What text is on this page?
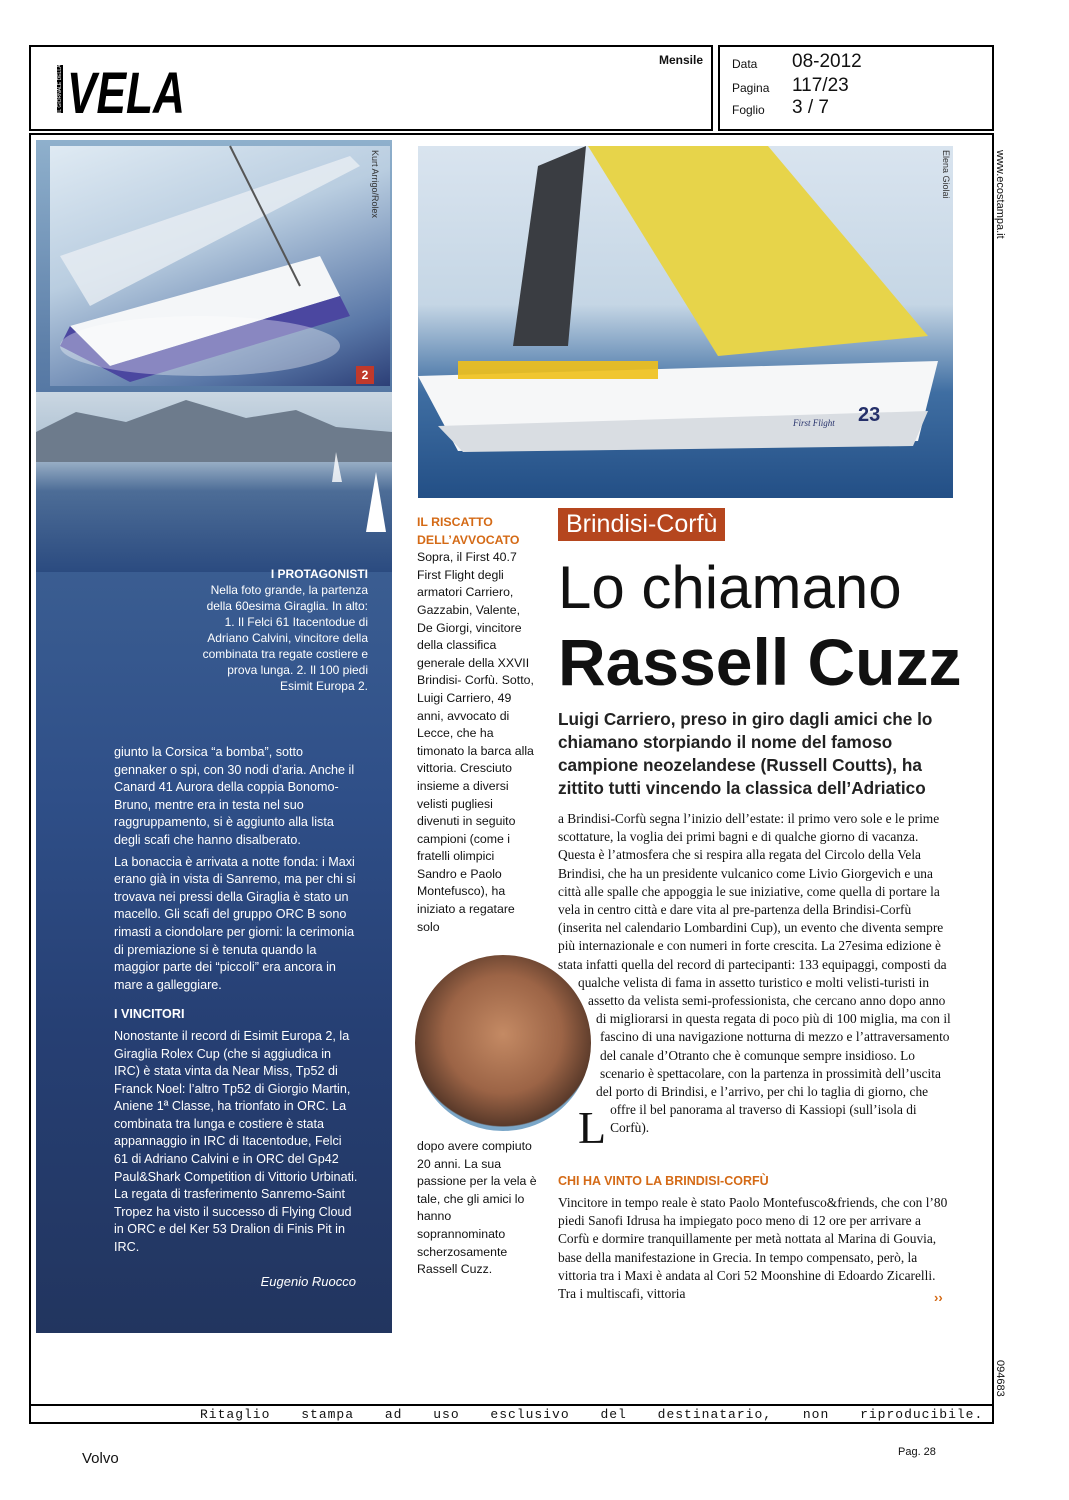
IL GIORNALE DELLA VELA
Mensile Data 08-2012
Pagina 117/23
Foglio 3 / 7
www.ecostampa.it
094683
Kurt Arrigo/Rolex
2
I PROTAGONISTI
Nella foto grande, la partenza della 60esima Giraglia. In alto: 1. Il Felci 61 Itacentodue di Adriano Calvini, vincitore della combinata tra regate costiere e prova lunga. 2. Il 100 piedi Esimit Europa 2.

giunto la Corsica “a bomba”, sotto gennaker o spi, con 30 nodi d’aria. Anche il Canard 41 Aurora della coppia Bonomo-Bruno, mentre era in testa nel suo raggruppamento, si è aggiunto alla lista degli scafi che hanno disalberato.

La bonaccia è arrivata a notte fonda: i Maxi erano già in vista di Sanremo, ma per chi si trovava nei pressi della Giraglia è stato un macello. Gli scafi del gruppo ORC B sono rimasti a ciondolare per giorni: la cerimonia di premiazione si è tenuta quando la maggior parte dei “piccoli” era ancora in mare a galleggiare.

I VINCITORI

Nonostante il record di Esimit Europa 2, la Giraglia Rolex Cup (che si aggiudica in IRC) è stata vinta da Near Miss, Tp52 di Franck Noel: l’altro Tp52 di Giorgio Martin, Aniene 1ª Classe, ha trionfato in ORC. La combinata tra lunga e costiere è stata appannaggio in IRC di Itacentodue, Felci 61 di Adriano Calvini e in ORC del Gp42 Paul&Shark Competition di Vittorio Urbinati. La regata di trasferimento Sanremo-Saint Tropez ha visto il successo di Flying Cloud in ORC e del Ker 53 Dralion di Finis Pit in IRC.

Eugenio Ruocco
23
First Flight
Elena Giolai
IL RISCATTO
DELL’AVVOCATO
Sopra, il First 40.7 First Flight degli armatori Carriero, Gazzabin, Valente, De Giorgi, vincitore della classifica generale della XXVII Brindisi- Corfù. Sotto, Luigi Carriero, 49 anni, avvocato di Lecce, che ha timonato la barca alla vittoria. Cresciuto insieme a diversi velisti pugliesi divenuti in seguito campioni (come i fratelli olimpici Sandro e Paolo Montefusco), ha iniziato a regatare solo
dopo avere compiuto 20 anni. La sua passione per la vela è tale, che gli amici lo hanno soprannominato scherzosamente Rassell Cuzz.
Brindisi-Corfù
Lo chiamano
Rassell Cuzz
Luigi Carriero, preso in giro dagli amici che lo chiamano storpiando il nome del famoso campione neozelandese (Russell Coutts), ha zittito tutti vincendo la classica dell’Adriatico
L
a Brindisi-Corfù segna l’inizio dell’estate: il primo vero sole e le prime scottature, la voglia dei primi bagni e di qualche giorno di vacanza. Questa è l’atmosfera che si respira alla regata del Circolo della Vela Brindisi, che ha un presidente vulcanico come Livio Giorgevich e una città alle spalle che appoggia le sue iniziative, come quella di portare la vela in centro città e dare vita al pre-partenza della Brindisi-Corfù (inserita nel calendario Lombardini Cup), un evento che diventa sempre più internazionale e con numeri in forte crescita. La 27esima edizione è stata infatti quella del record di partecipanti: 133 equipaggi, composti da qualche velista di fama in assetto turistico e molti velisti-turisti in assetto da velista semi-professionista, che cercano anno dopo anno di migliorarsi in questa regata di poco più di 100 miglia, ma con il fascino di una navigazione notturna di mezzo e l’attraversamento del canale d’Otranto che è comunque sempre insidioso. Lo scenario è spettacolare, con la partenza in prossimità dell’uscita del porto di Brindisi, e l’arrivo, per chi lo taglia di giorno, che offre il bel panorama al traverso di Kassiopi (sull’isola di Corfù).
CHI HA VINTO LA BRINDISI-CORFÙ
Vincitore in tempo reale è stato Paolo Montefusco&friends, che con l’80 piedi Sanofi Idrusa ha impiegato poco meno di 12 ore per arrivare a Corfù e dormire tranquillamente per metà nottata al Marina di Gouvia, base della manifestazione in Grecia. In tempo compensato, però, la vittoria tra i Maxi è andata al Cori 52 Moonshine di Edoardo Zicarelli. Tra i multiscafi, vittoria	››
Ritaglio stampa ad uso esclusivo del destinatario, non riproducibile.
Volvo	Pag. 28
